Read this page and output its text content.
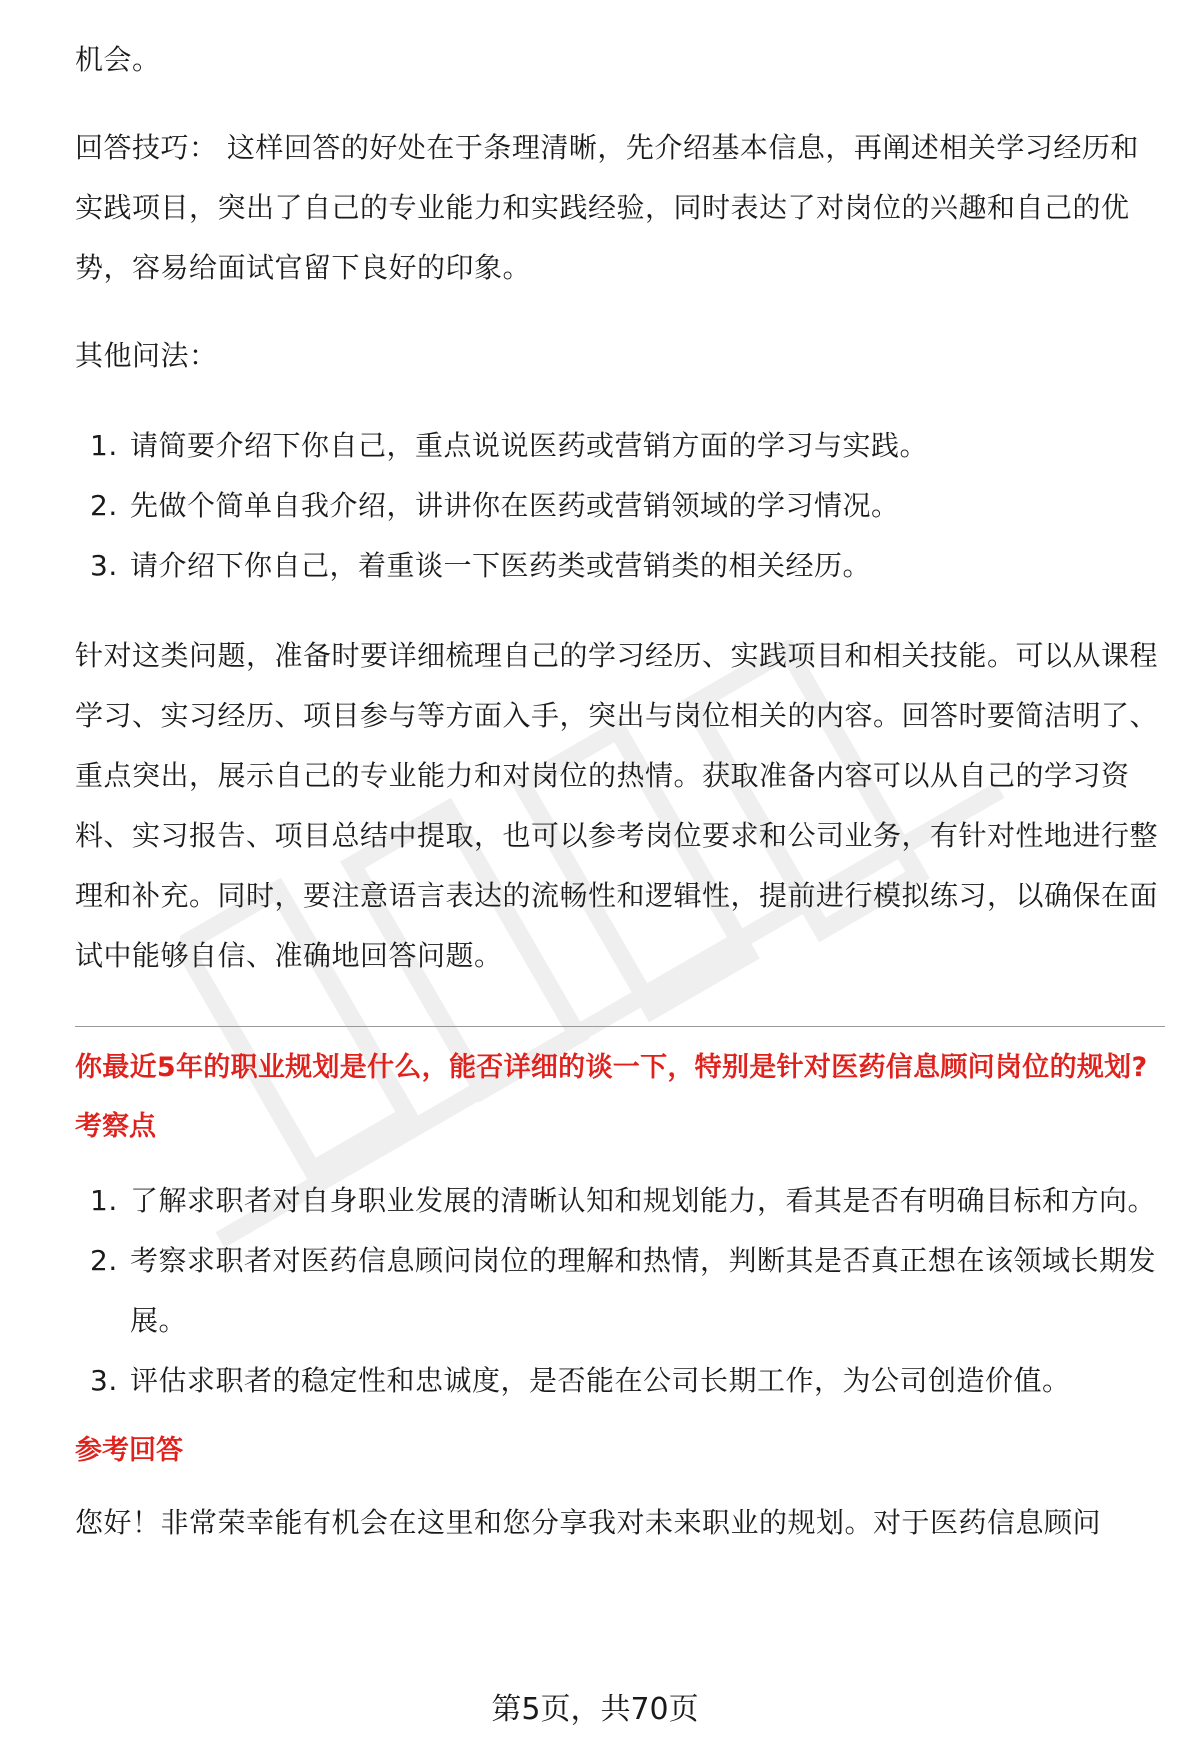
机会。

回答技巧： 这样回答的好处在于条理清晰，先介绍基本信息，再阐述相关学习经历和实践项目，突出了自己的专业能力和实践经验，同时表达了对岗位的兴趣和自己的优势，容易给面试官留下良好的印象。

其他问法：

1. 请简要介绍下你自己，重点说说医药或营销方面的学习与实践。
2. 先做个简单自我介绍，讲讲你在医药或营销领域的学习情况。
3. 请介绍下你自己，着重谈一下医药类或营销类的相关经历。

针对这类问题，准备时要详细梳理自己的学习经历、实践项目和相关技能。可以从课程学习、实习经历、项目参与等方面入手，突出与岗位相关的内容。回答时要简洁明了、重点突出，展示自己的专业能力和对岗位的热情。获取准备内容可以从自己的学习资料、实习报告、项目总结中提取，也可以参考岗位要求和公司业务，有针对性地进行整理和补充。同时，要注意语言表达的流畅性和逻辑性，提前进行模拟练习，以确保在面试中能够自信、准确地回答问题。

你最近5年的职业规划是什么，能否详细的谈一下，特别是针对医药信息顾问岗位的规划?

考察点

1. 了解求职者对自身职业发展的清晰认知和规划能力，看其是否有明确目标和方向。
2. 考察求职者对医药信息顾问岗位的理解和热情，判断其是否真正想在该领域长期发展。
3. 评估求职者的稳定性和忠诚度，是否能在公司长期工作，为公司创造价值。

参考回答

您好！非常荣幸能有机会在这里和您分享我对未来职业的规划。对于医药信息顾问

第5页，共70页
